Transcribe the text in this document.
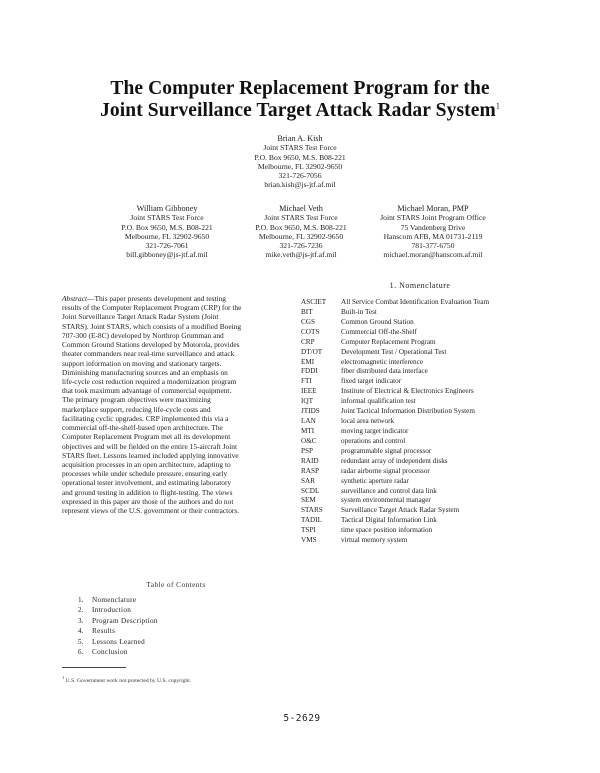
The Computer Replacement Program for the
Joint Surveillance Target Attack Radar System$^1$
Brian A. Kish
Joint STARS Test Force
P.O. Box 9650, M.S. B08-221
Melbourne, FL 32902-9650
321-726-7056
brian.kish@js-jtf.af.mil
William Gibboney
Joint STARS Test Force
P.O. Box 9650, M.S. B08-221
Melbourne, FL 32902-9650
321-726-7061
bill.gibboney@js-jtf.af.mil
Michael Veth
Joint STARS Test Force
P.O. Box 9650, M.S. B08-221
Melbourne, FL 32902-9650
321-726-7236
mike.veth@js-jtf.af.mil
Michael Moran, PMP
Joint STARS Joint Program Office
75 Vandenberg Drive
Hanscom AFB, MA 01731-2119
781-377-6750
michael.moran@hanscom.af.mil
Abstract—This paper presents development and testing
results of the Computer Replacement Program (CRP) for the
Joint Surveillance Target Attack Radar System (Joint
STARS). Joint STARS, which consists of a modified Boeing
707-300 (E-8C) developed by Northrop Grumman and
Common Ground Stations developed by Motorola, provides
theater commanders near real-time surveillance and attack
support information on moving and stationary targets.
Diminishing manufacturing sources and an emphasis on
life-cycle cost reduction required a modernization program
that took maximum advantage of commercial equipment.
The primary program objectives were maximizing
marketplace support, reducing life-cycle costs and
facilitating cyclic upgrades. CRP implemented this via a
commercial off-the-shelf-based open architecture. The
Computer Replacement Program met all its development
objectives and will be fielded on the entire 15-aircraft Joint
STARS fleet. Lessons learned included applying innovative
acquisition processes in an open architecture, adapting to
processes while under schedule pressure, ensuring early
operational tester involvement, and estimating laboratory
and ground testing in addition to flight-testing. The views
expressed in this paper are those of the authors and do not
represent views of the U.S. government or their contractors.
Table of Contents
1.	Nomenclature
2.	Introduction
3.	Program Description
4.	Results
5.	Lessons Learned
6.	Conclusion
1. Nomenclature
ASCIET	All Service Combat Identification Evaluation Team
BIT	Built-in Test
CGS	Common Ground Station
COTS	Commercial Off-the-Shelf
CRP	Computer Replacement Program
DT/OT	Development Test / Operational Test
EMI	electromagnetic interference
FDDI	fiber distributed data interface
FTI	fixed target indicator
IEEE	Institute of Electrical & Electronics Engineers
IQT	informal qualification test
JTIDS	Joint Tactical Information Distribution System
LAN	local area network
MTI	moving target indicator
O&C	operations and control
PSP	programmable signal processor
RAID	redundant array of independent disks
RASP	radar airborne signal processor
SAR	synthetic aperture radar
SCDL	surveillance and control data link
SEM	system environmental manager
STARS	Surveillance Target Attack Radar System
TADIL	Tactical Digital Information Link
TSPI	time space position information
VMS	virtual memory system
$^1$ U.S. Government work not protected by U.S. copyright.
5-2629
